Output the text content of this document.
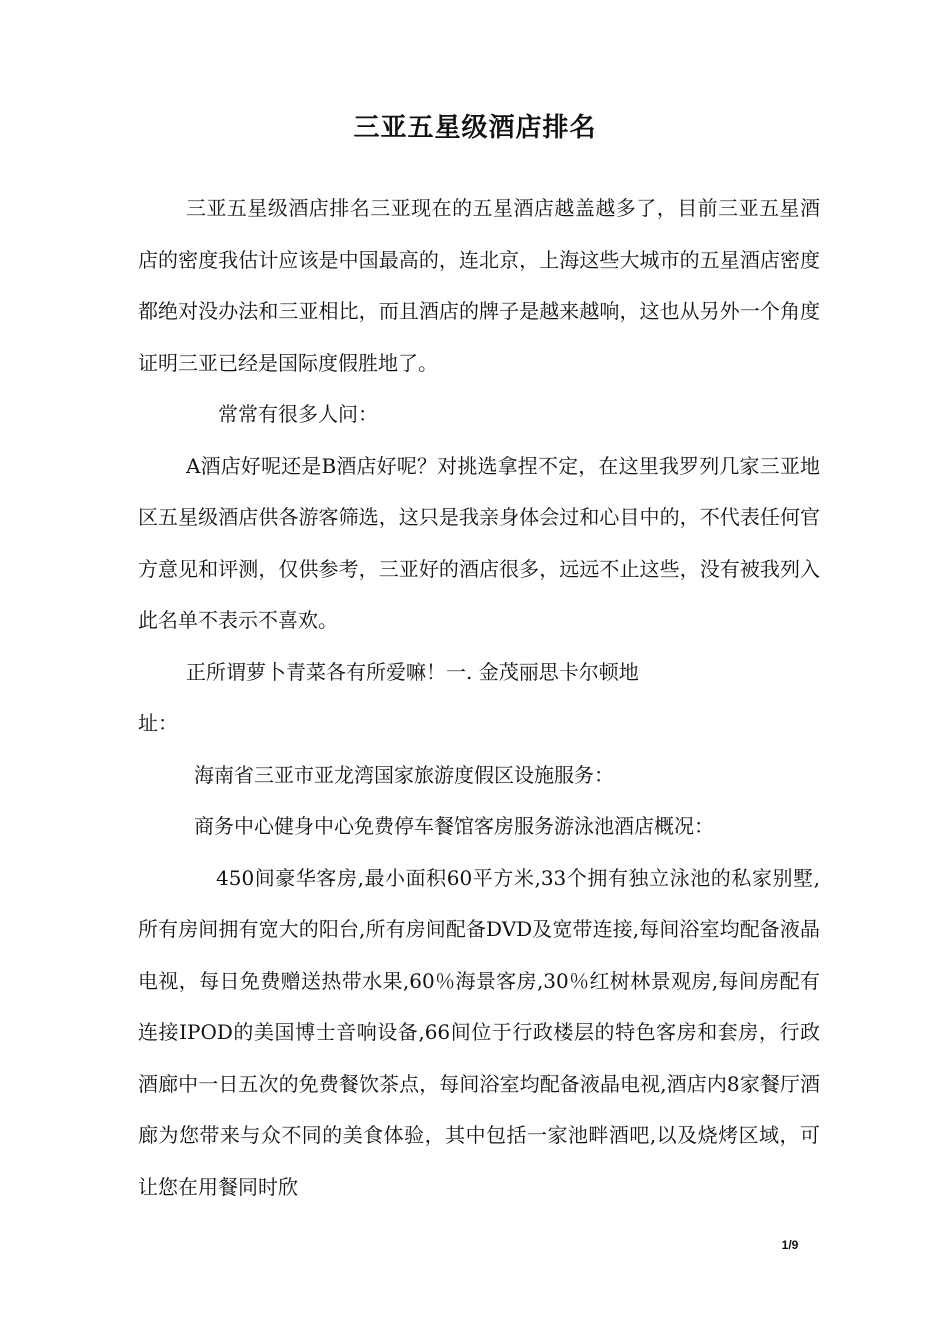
三亚五星级酒店排名

三亚五星级酒店排名三亚现在的五星酒店越盖越多了，目前三亚五星酒店的密度我估计应该是中国最高的，连北京，上海这些大城市的五星酒店密度都绝对没办法和三亚相比，而且酒店的牌子是越来越响，这也从另外一个角度证明三亚已经是国际度假胜地了。

常常有很多人问：

A酒店好呢还是B酒店好呢？对挑选拿捏不定，在这里我罗列几家三亚地区五星级酒店供各游客筛选，这只是我亲身体会过和心目中的，不代表任何官方意见和评测，仅供参考，三亚好的酒店很多，远远不止这些，没有被我列入此名单不表示不喜欢。

正所谓萝卜青菜各有所爱嘛！一. 金茂丽思卡尔顿地

址：

海南省三亚市亚龙湾国家旅游度假区设施服务：

商务中心健身中心免费停车餐馆客房服务游泳池酒店概况：

450间豪华客房,最小面积60平方米,33个拥有独立泳池的私家别墅,所有房间拥有宽大的阳台,所有房间配备DVD及宽带连接,每间浴室均配备液晶电视，每日免费赠送热带水果,60％海景客房,30％红树林景观房,每间房配有连接IPOD的美国博士音响设备,66间位于行政楼层的特色客房和套房，行政酒廊中一日五次的免费餐饮茶点，每间浴室均配备液晶电视,酒店内8家餐厅酒廊为您带来与众不同的美食体验，其中包括一家池畔酒吧,以及烧烤区域，可让您在用餐同时欣

1/9
